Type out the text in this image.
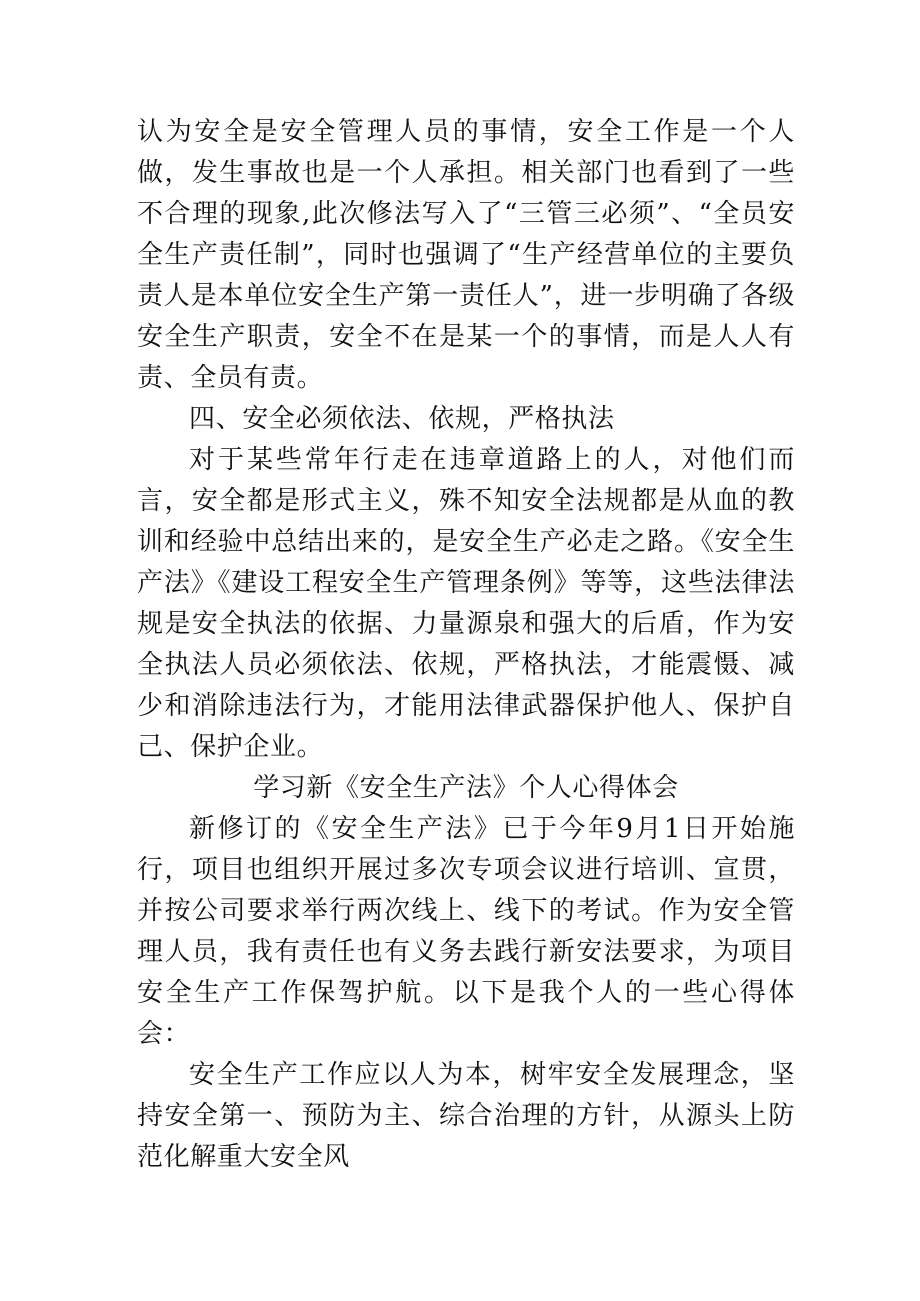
认为安全是安全管理人员的事情，安全工作是一个人做，发生事故也是一个人承担。相关部门也看到了一些不合理的现象,此次修法写入了“三管三必须”、“全员安全生产责任制”，同时也强调了“生产经营单位的主要负责人是本单位安全生产第一责任人”，进一步明确了各级安全生产职责，安全不在是某一个的事情，而是人人有责、全员有责。

四、安全必须依法、依规，严格执法

对于某些常年行走在违章道路上的人，对他们而言，安全都是形式主义，殊不知安全法规都是从血的教训和经验中总结出来的，是安全生产必走之路。《安全生产法》《建设工程安全生产管理条例》等等，这些法律法规是安全执法的依据、力量源泉和强大的后盾，作为安全执法人员必须依法、依规，严格执法，才能震慑、减少和消除违法行为，才能用法律武器保护他人、保护自己、保护企业。

学习新《安全生产法》个人心得体会

新修订的《安全生产法》已于今年9月1日开始施行，项目也组织开展过多次专项会议进行培训、宣贯，并按公司要求举行两次线上、线下的考试。作为安全管理人员，我有责任也有义务去践行新安法要求，为项目安全生产工作保驾护航。以下是我个人的一些心得体会：

安全生产工作应以人为本，树牢安全发展理念，坚持安全第一、预防为主、综合治理的方针，从源头上防范化解重大安全风
